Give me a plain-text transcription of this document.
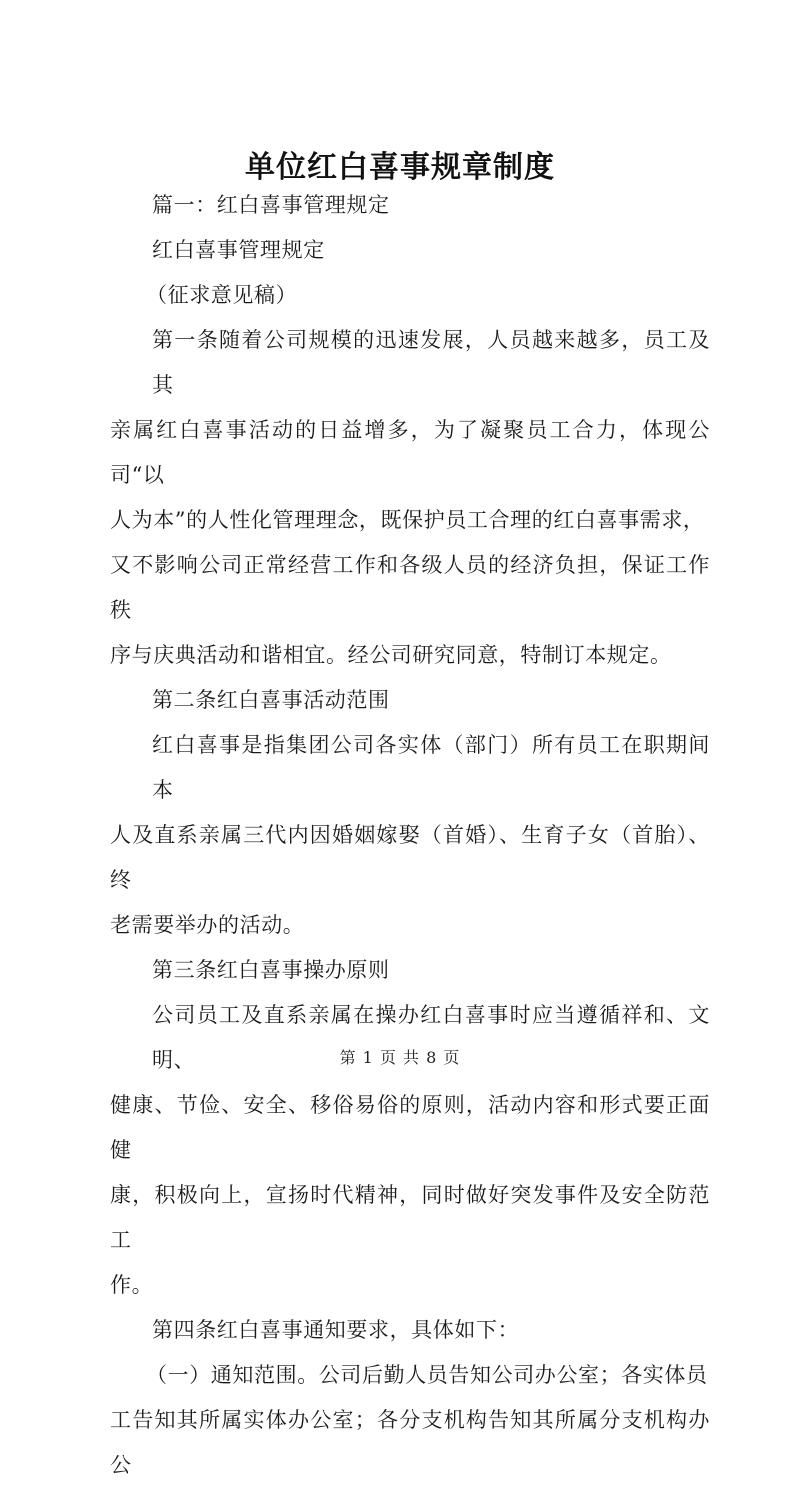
单位红白喜事规章制度

篇一：红白喜事管理规定

红白喜事管理规定

（征求意见稿）

第一条随着公司规模的迅速发展，人员越来越多，员工及其
亲属红白喜事活动的日益增多，为了凝聚员工合力，体现公司“以
人为本”的人性化管理理念，既保护员工合理的红白喜事需求，
又不影响公司正常经营工作和各级人员的经济负担，保证工作秩
序与庆典活动和谐相宜。经公司研究同意，特制订本规定。

第二条红白喜事活动范围

红白喜事是指集团公司各实体（部门）所有员工在职期间本
人及直系亲属三代内因婚姻嫁娶（首婚）、生育子女（首胎）、终
老需要举办的活动。

第三条红白喜事操办原则

公司员工及直系亲属在操办红白喜事时应当遵循祥和、文明、
健康、节俭、安全、移俗易俗的原则，活动内容和形式要正面健
康，积极向上，宣扬时代精神，同时做好突发事件及安全防范工
作。

第四条红白喜事通知要求，具体如下：

（一）通知范围。公司后勤人员告知公司办公室；各实体员
工告知其所属实体办公室；各分支机构告知其所属分支机构办公

第 1 页 共 8 页
